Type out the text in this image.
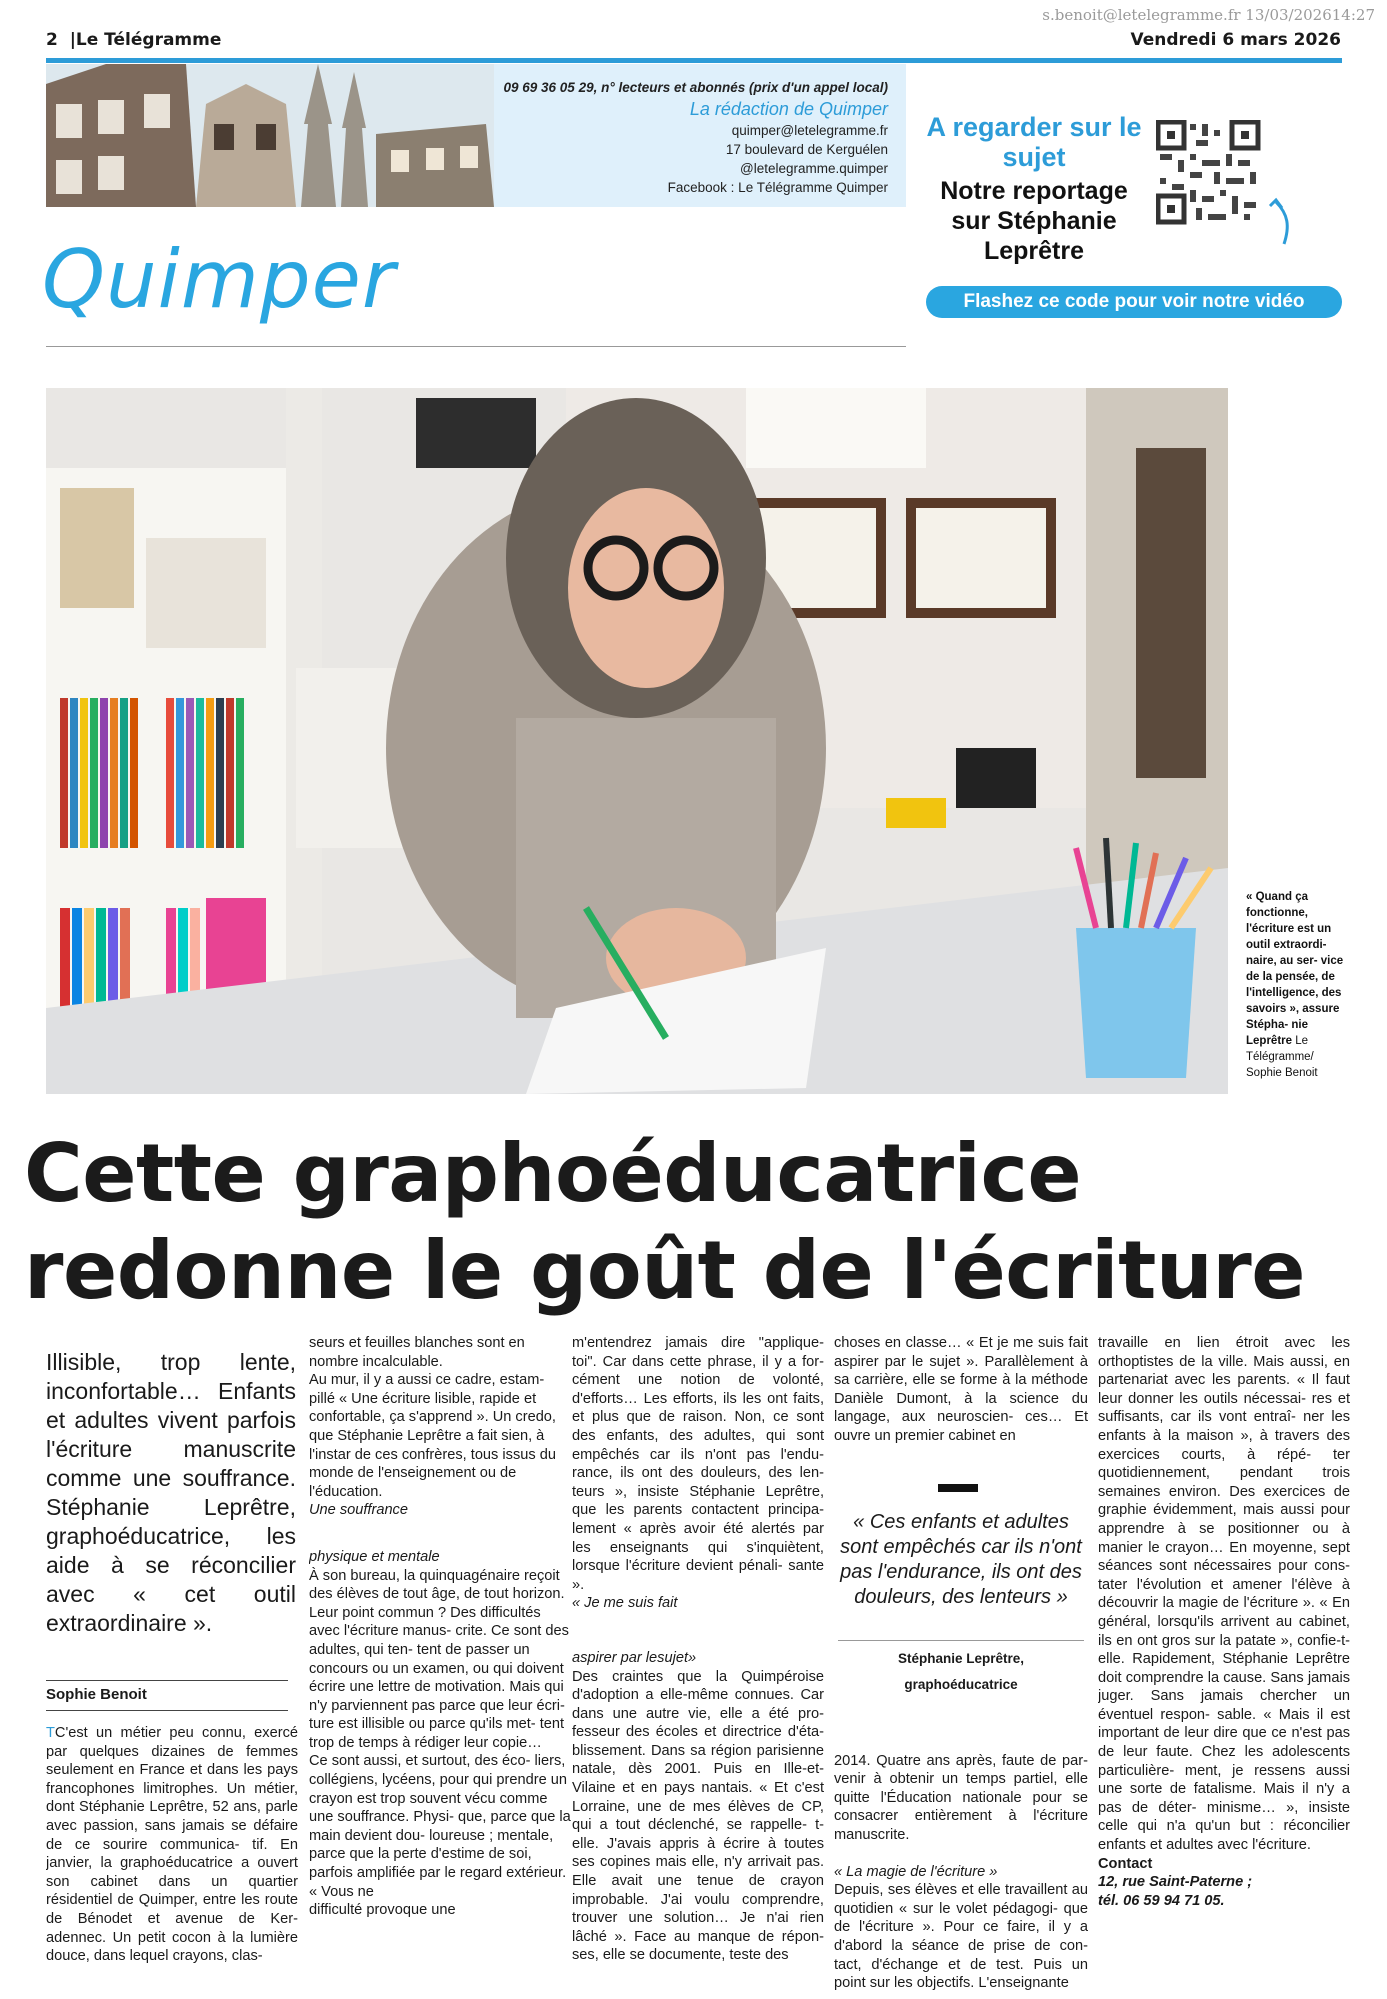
s.benoit@letelegramme.fr 13/03/202614:27
2 |Le Télégramme	Vendredi 6 mars 2026
09 69 36 05 29, n° lecteurs et abonnés (prix d'un appel local)
La rédaction de Quimper
quimper@letelegramme.fr
17 boulevard de Kerguélen
@letelegramme.quimper
Facebook : Le Télégramme Quimper
Quimper
A regarder sur le sujet
Notre reportage sur Stéphanie Leprêtre
Flashez ce code pour voir notre vidéo
« Quand ça fonctionne, l'écriture est un outil extraordi- naire, au ser- vice de la pensée, de l'intelligence, des savoirs », assure Stépha- nie Leprêtre Le Télégramme/ Sophie Benoit
Cette graphoéducatrice
redonne le goût de l'écriture
Illisible, trop lente, inconfortable… Enfants et adultes vivent parfois l'écriture manuscrite comme une souffrance. Stéphanie Leprêtre, graphoéducatrice, les aide à se réconcilier avec « cet outil extraordinaire ».
Sophie Benoit

TC'est un métier peu connu, exercé par quelques dizaines de femmes seulement en France et dans les pays francophones limitrophes. Un métier, dont Stéphanie Leprêtre, 52 ans, parle avec passion, sans jamais se défaire de ce sourire communica- tif. En janvier, la graphoéducatrice a ouvert son cabinet dans un quartier résidentiel de Quimper, entre les route de Bénodet et avenue de Ker- adennec. Un petit cocon à la lumière douce, dans lequel crayons, clas-

seurs et feuilles blanches sont en nombre incalculable.

Au mur, il y a aussi ce cadre, estam- pillé « Une écriture lisible, rapide et confortable, ça s'apprend ». Un credo, que Stéphanie Leprêtre a fait sien, à l'instar de ces confrères, tous issus du monde de l'enseignement ou de l'éducation.

Une souffrance

physique et mentale

À son bureau, la quinquagénaire reçoit des élèves de tout âge, de tout horizon. Leur point commun ? Des difficultés avec l'écriture manus- crite. Ce sont des adultes, qui ten- tent de passer un concours ou un examen, ou qui doivent écrire une lettre de motivation. Mais qui n'y parviennent pas parce que leur écri- ture est illisible ou parce qu'ils met- tent trop de temps à rédiger leur copie…

Ce sont aussi, et surtout, des éco- liers, collégiens, lycéens, pour qui prendre un crayon est trop souvent vécu comme une souffrance. Physi- que, parce que la main devient dou- loureuse ; mentale, parce que la perte d'estime de soi, parfois amplifiée par le regard extérieur. « Vous ne

difficulté provoque une

m'entendrez jamais dire "applique- toi". Car dans cette phrase, il y a for- cément une notion de volonté, d'efforts… Les efforts, ils les ont faits, et plus que de raison. Non, ce sont des enfants, des adultes, qui sont empêchés car ils n'ont pas l'endu- rance, ils ont des douleurs, des len- teurs », insiste Stéphanie Leprêtre, que les parents contactent principa- lement « après avoir été alertés par les enseignants qui s'inquiètent, lorsque l'écriture devient pénali- sante ».

« Je me suis fait

aspirer par lesujet»

Des craintes que la Quimpéroise d'adoption a elle-même connues. Car dans une autre vie, elle a été pro- fesseur des écoles et directrice d'éta- blissement. Dans sa région parisienne natale, dès 2001. Puis en Ille-et-Vilaine et en pays nantais. « Et c'est Lorraine, une de mes élèves de CP, qui a tout déclenché, se rappelle- t-elle. J'avais appris à écrire à toutes ses copines mais elle, n'y arrivait pas. Elle avait une tenue de crayon improbable. J'ai voulu comprendre, trouver une solution… Je n'ai rien lâché ». Face au manque de répon- ses, elle se documente, teste des

choses en classe… « Et je me suis fait aspirer par le sujet ». Parallèlement à sa carrière, elle se forme à la méthode Danièle Dumont, à la science du langage, aux neuroscien- ces… Et ouvre un premier cabinet en

2014. Quatre ans après, faute de par- venir à obtenir un temps partiel, elle quitte l'Éducation nationale pour se consacrer entièrement à l'écriture manuscrite.

« La magie de l'écriture »

Depuis, ses élèves et elle travaillent au quotidien « sur le volet pédagogi- que de l'écriture ». Pour ce faire, il y a d'abord la séance de prise de con- tact, d'échange et de test. Puis un point sur les objectifs. L'enseignante

« Ces enfants et adultes sont empêchés car ils n'ont pas l'endurance, ils ont des douleurs, des lenteurs »
Stéphanie Leprêtre,
graphoéducatrice

travaille en lien étroit avec les orthoptistes de la ville. Mais aussi, en partenariat avec les parents. « Il faut leur donner les outils nécessai- res et suffisants, car ils vont entraî- ner les enfants à la maison », à travers des exercices courts, à répé- ter quotidiennement, pendant trois semaines environ. Des exercices de graphie évidemment, mais aussi pour apprendre à se positionner ou à manier le crayon… En moyenne, sept séances sont nécessaires pour cons- tater l'évolution et amener l'élève à découvrir la magie de l'écriture ». « En général, lorsqu'ils arrivent au cabinet, ils en ont gros sur la patate », confie-t-elle. Rapidement, Stéphanie Leprêtre doit comprendre la cause. Sans jamais juger. Sans jamais chercher un éventuel respon- sable. « Mais il est important de leur dire que ce n'est pas de leur faute. Chez les adolescents particulière- ment, je ressens aussi une sorte de fatalisme. Mais il n'y a pas de déter- minisme… », insiste celle qui n'a qu'un but : réconcilier enfants et adultes avec l'écriture.

Contact

12, rue Saint-Paterne ;

tél. 06 59 94 71 05.
